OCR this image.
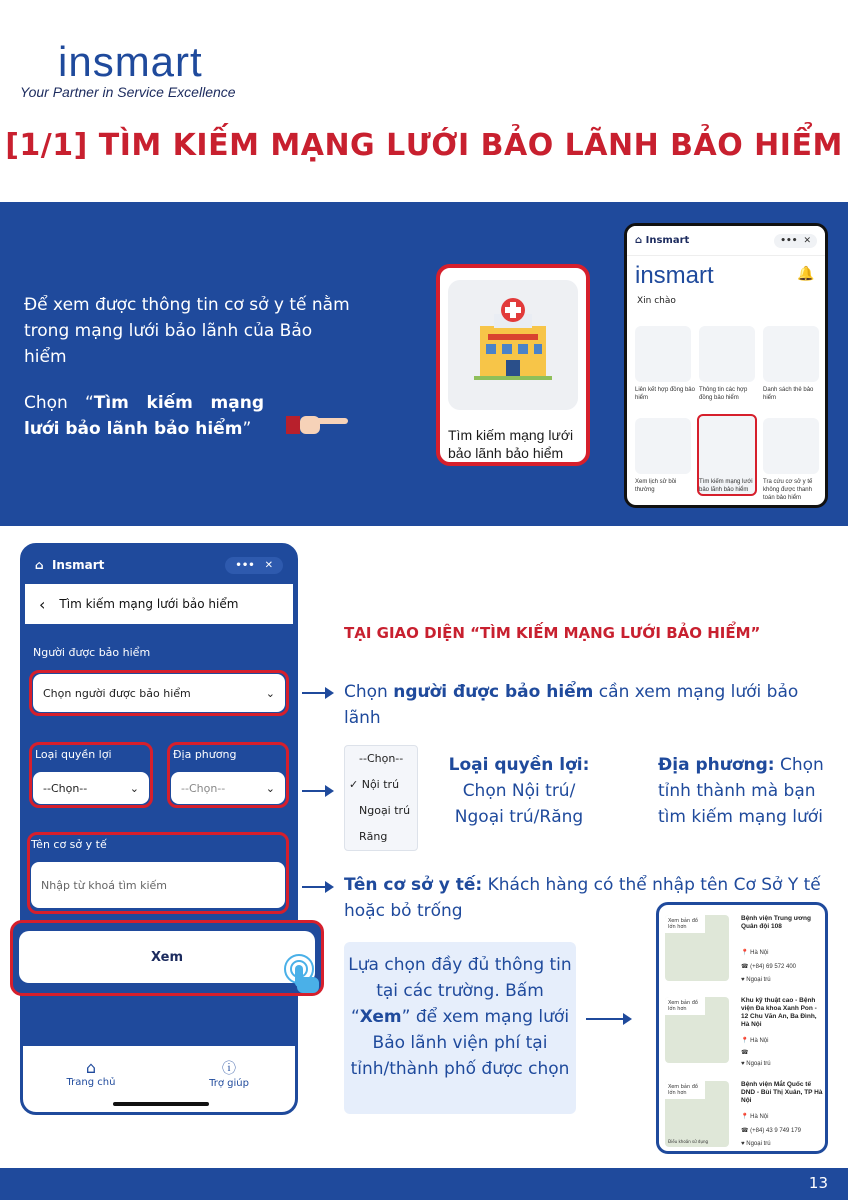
insmart
Your Partner in Service Excellence
[1/1] TÌM KIẾM MẠNG LƯỚI BẢO LÃNH BẢO HIỂM
Để xem được thông tin cơ sở y tế nằm trong mạng lưới bảo lãnh của Bảo hiểm
Chọn “Tìm kiếm mạng lưới bảo lãnh bảo hiểm”	Tìm kiếm mạng lưới bảo lãnh bảo hiểm
⌂ Insmart	••• ✕
insmart	🔔
Xin chào
Liên kết hợp đồng bảo hiểm
Thông tin các hợp đồng bảo hiểm
Danh sách thẻ bảo hiểm
Xem lịch sử bồi thường
Tìm kiếm mạng lưới bảo lãnh bảo hiểm
Tra cứu cơ sở y tế không được thanh toán bảo hiểm
⌂ Insmart	••• ✕
‹ Tìm kiếm mạng lưới bảo hiểm
Người được bảo hiểm
Chọn người được bảo hiểm	⌄
Loại quyền lợi
--Chọn--	⌄
Địa phương
--Chọn--	⌄
Tên cơ sở y tế
Nhập từ khoá tìm kiếm
⌂
Trang chủ
ⓘ
Trợ giúp
Xem
TẠI GIAO DIỆN “TÌM KIẾM MẠNG LƯỚI BẢO HIỂM”
Chọn người được bảo hiểm cần xem mạng lưới bảo lãnh
--Chọn--
✓ Nội trú
Ngoại trú
Răng
Loại quyền lợi:
Chọn Nội trú/ Ngoại trú/Răng
Địa phương: Chọn tỉnh thành mà bạn tìm kiếm mạng lưới
Tên cơ sở y tế: Khách hàng có thể nhập tên Cơ Sở Y tế hoặc bỏ trống
Lựa chọn đầy đủ thông tin tại các trường. Bấm “Xem” để xem mạng lưới Bảo lãnh viện phí tại tỉnh/thành phố được chọn
Xem bản đồ lớn hơn
Bệnh viện Trung ương Quân đội 108
📍 Hà Nội
☎ (+84) 69 572 400
♥ Ngoại trú
Xem bản đồ lớn hơn
Khu kỹ thuật cao - Bệnh viện Đa khoa Xanh Pon - 12 Chu Văn An, Ba Đình, Hà Nội
📍 Hà Nội
☎
♥ Ngoại trú
Xem bản đồ lớn hơn
Điều khoản sử dụng
Bệnh viện Mắt Quốc tế DND - Bùi Thị Xuân, TP Hà Nội
📍 Hà Nội
☎ (+84) 43 9 749 179
♥ Ngoại trú
13
